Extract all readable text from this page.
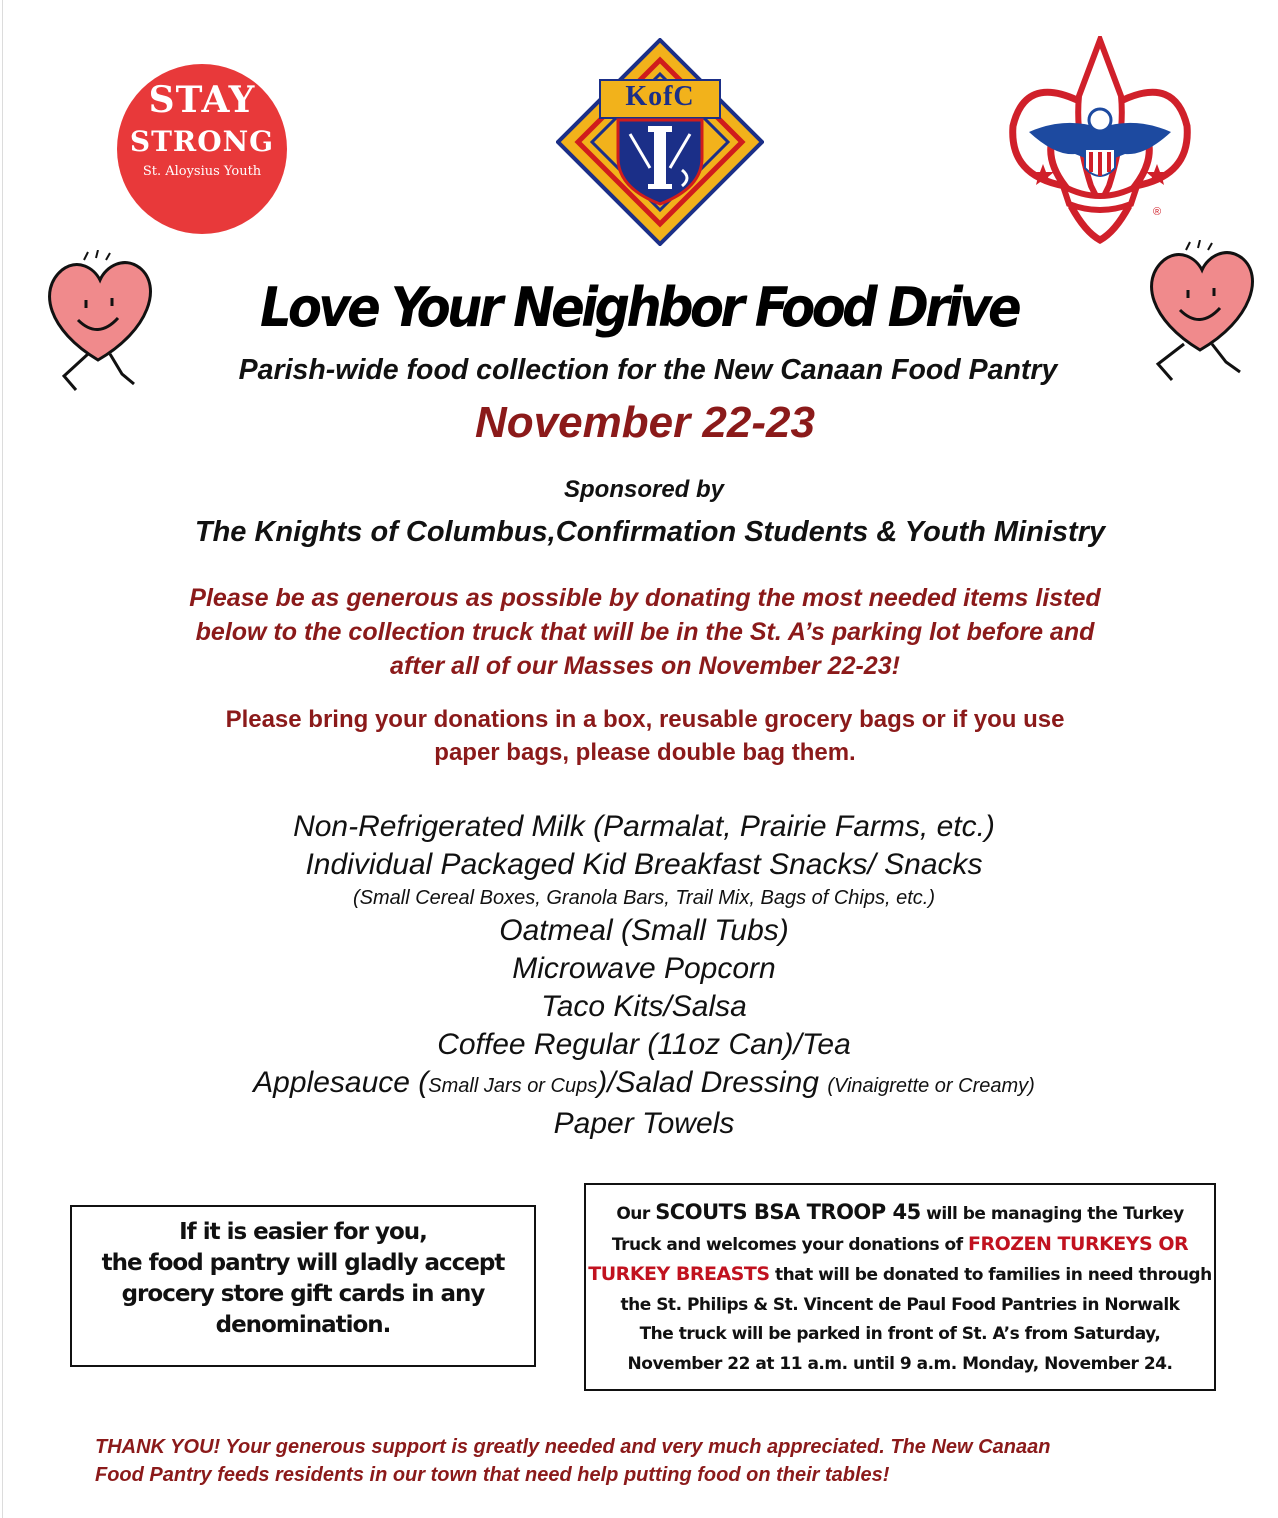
STAY
STRONG
St. Aloysius Youth
KofC
®
Love Your Neighbor Food Drive
Parish-wide food collection for the New Canaan Food Pantry
November 22-23
Sponsored by
The Knights of Columbus,Confirmation Students & Youth Ministry
Please be as generous as possible by donating the most needed items listed
below to the collection truck that will be in the St. A’s parking lot before and
after all of our Masses on November 22-23!
Please bring your donations in a box, reusable grocery bags or if you use
paper bags, please double bag them.
Non-Refrigerated Milk (Parmalat, Prairie Farms, etc.)
Individual Packaged Kid Breakfast Snacks/ Snacks
(Small Cereal Boxes, Granola Bars, Trail Mix, Bags of Chips, etc.)
Oatmeal (Small Tubs)
Microwave Popcorn
Taco Kits/Salsa
Coffee Regular (11oz Can)/Tea
Applesauce (Small Jars or Cups)/Salad Dressing (Vinaigrette or Creamy)
Paper Towels
If it is easier for you,
the food pantry will gladly accept
grocery store gift cards in any
denomination.
Our SCOUTS BSA TROOP 45 will be managing the Turkey
Truck and welcomes your donations of FROZEN TURKEYS OR
TURKEY BREASTS that will be donated to families in need through
the St. Philips & St. Vincent de Paul Food Pantries in Norwalk
The truck will be parked in front of St. A’s from Saturday,
November 22 at 11 a.m. until 9 a.m. Monday, November 24.
THANK YOU! Your generous support is greatly needed and very much appreciated. The New Canaan
Food Pantry feeds residents in our town that need help putting food on their tables!
